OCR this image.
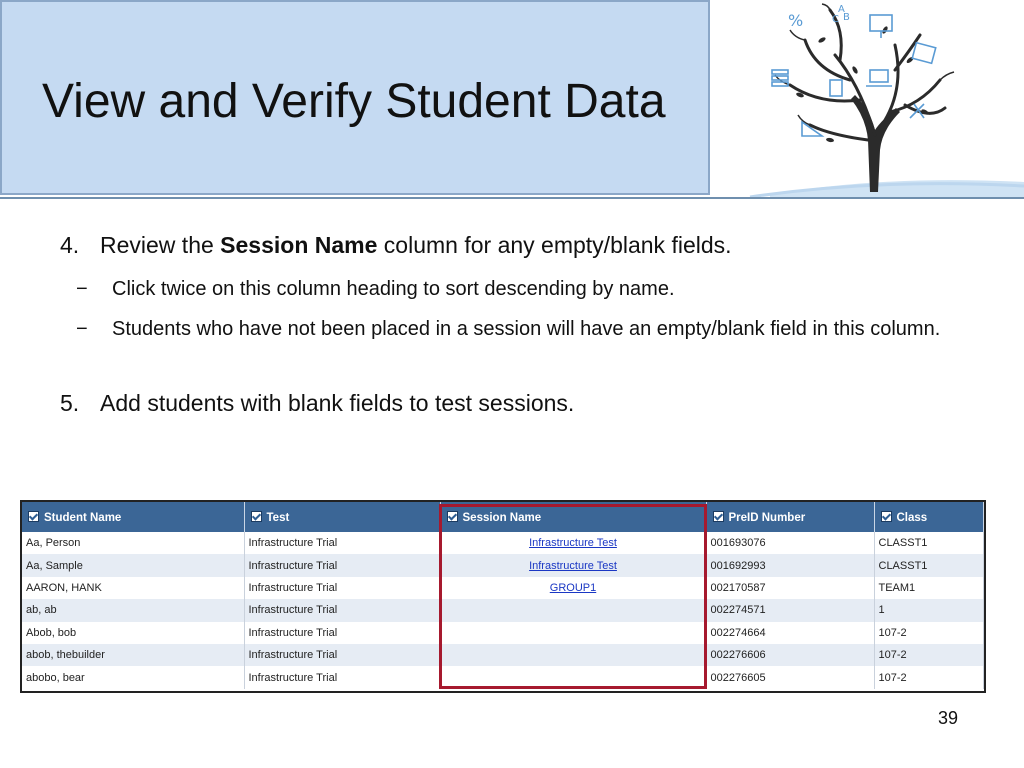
View and Verify Student Data
%
A
C B
4. Review the Session Name column for any empty/blank fields.
− Click twice on this column heading to sort descending by name.
− Students who have not been placed in a session will have an empty/blank field in this column.
5. Add students with blank fields to test sessions.
Student Name	Test	Session Name	PreID Number	Class
Aa, Person	Infrastructure Trial	Infrastructure Test	001693076	CLASST1
Aa, Sample	Infrastructure Trial	Infrastructure Test	001692993	CLASST1
AARON, HANK	Infrastructure Trial	GROUP1	002170587	TEAM1
ab, ab	Infrastructure Trial		002274571	1
Abob, bob	Infrastructure Trial		002274664	107-2
abob, thebuilder	Infrastructure Trial		002276606	107-2
abobo, bear	Infrastructure Trial		002276605	107-2
39
